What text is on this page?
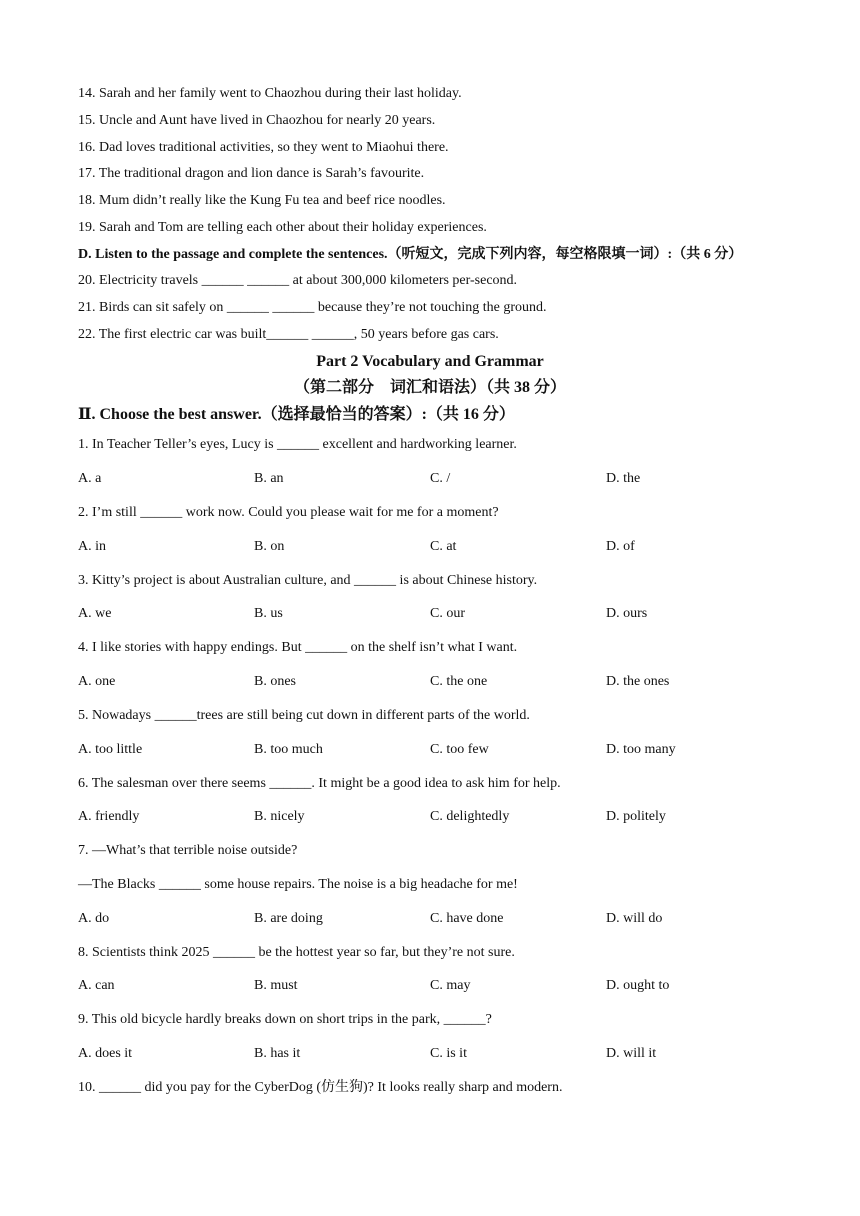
14. Sarah and her family went to Chaozhou during their last holiday.
15. Uncle and Aunt have lived in Chaozhou for nearly 20 years.
16. Dad loves traditional activities, so they went to Miaohui there.
17. The traditional dragon and lion dance is Sarah’s favourite.
18. Mum didn’t really like the Kung Fu tea and beef rice noodles.
19. Sarah and Tom are telling each other about their holiday experiences.
D. Listen to the passage and complete the sentences.（听短文，完成下列内容，每空格限填一词）:（共 6 分）
20. Electricity travels ______ ______ at about 300,000 kilometers per-second.
21. Birds can sit safely on ______ ______ because they’re not touching the ground.
22. The first electric car was built______ ______, 50 years before gas cars.
Part 2 Vocabulary and Grammar
（第二部分　词汇和语法）（共 38 分）
Ⅱ. Choose the best answer.（选择最恰当的答案）:（共 16 分）
1. In Teacher Teller’s eyes, Lucy is ______ excellent and hardworking learner.
A. a	B. an	C. /	D. the
2. I’m still ______ work now. Could you please wait for me for a moment?
A. in	B. on	C. at	D. of
3. Kitty’s project is about Australian culture, and ______ is about Chinese history.
A. we	B. us	C. our	D. ours
4. I like stories with happy endings. But ______ on the shelf isn’t what I want.
A. one	B. ones	C. the one	D. the ones
5. Nowadays ______trees are still being cut down in different parts of the world.
A. too little	B. too much	C. too few	D. too many
6. The salesman over there seems ______. It might be a good idea to ask him for help.
A. friendly	B. nicely	C. delightedly	D. politely
7. —What’s that terrible noise outside?
—The Blacks ______ some house repairs. The noise is a big headache for me!
A. do	B. are doing	C. have done	D. will do
8. Scientists think 2025 ______ be the hottest year so far, but they’re not sure.
A. can	B. must	C. may	D. ought to
9. This old bicycle hardly breaks down on short trips in the park, ______?
A. does it	B. has it	C. is it	D. will it
10. ______ did you pay for the CyberDog (仿生狗)? It looks really sharp and modern.
